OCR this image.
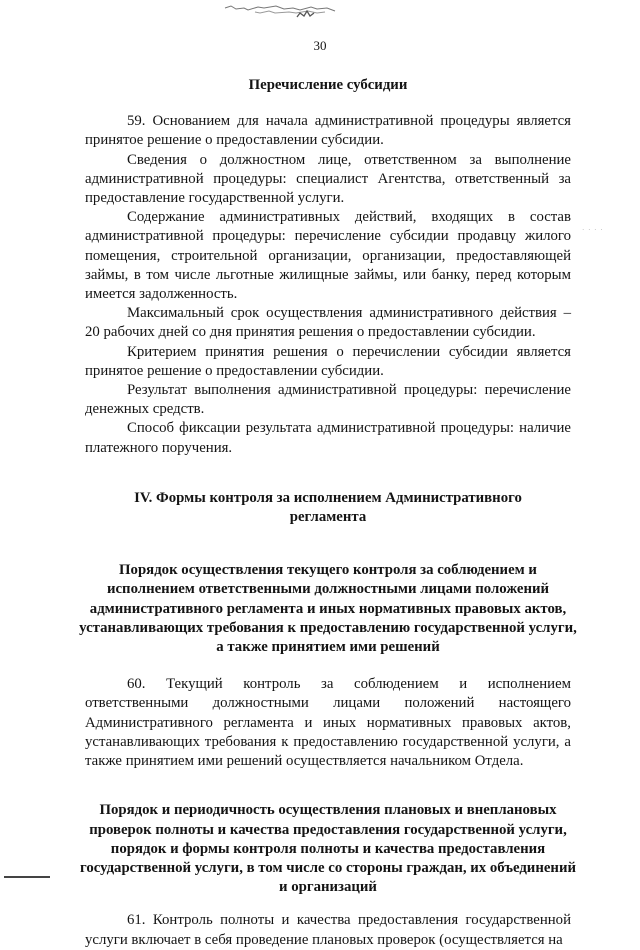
30
Перечисление субсидии

59. Основанием для начала административной процедуры является принятое решение о предоставлении субсидии.

Сведения о должностном лице, ответственном за выполнение административной процедуры: специалист Агентства, ответственный за предоставление государственной услуги.

Содержание административных действий, входящих в состав административной процедуры: перечисление субсидии продавцу жилого помещения, строительной организации, организации, предоставляющей займы, в том числе льготные жилищные займы, или банку, перед которым имеется задолженность.

Максимальный срок осуществления административного действия – 20 рабочих дней со дня принятия решения о предоставлении субсидии.

Критерием принятия решения о перечислении субсидии является принятое решение о предоставлении субсидии.

Результат выполнения административной процедуры: перечисление денежных средств.

Способ фиксации результата административной процедуры: наличие платежного поручения.

IV. Формы контроля за исполнением Административного регламента
Порядок осуществления текущего контроля за соблюдением и исполнением ответственными должностными лицами положений административного регламента и иных нормативных правовых актов, устанавливающих требования к предоставлению государственной услуги, а также принятием ими решений

60. Текущий контроль за соблюдением и исполнением ответственными должностными лицами положений настоящего Административного регламента и иных нормативных правовых актов, устанавливающих требования к предоставлению государственной услуги, а также принятием ими решений осуществляется начальником Отдела.

Порядок и периодичность осуществления плановых и внеплановых проверок полноты и качества предоставления государственной услуги, порядок и формы контроля полноты и качества предоставления государственной услуги, в том числе со стороны граждан, их объединений и организаций

61. Контроль полноты и качества предоставления государственной услуги включает в себя проведение плановых проверок (осуществляется на

· · · ·
